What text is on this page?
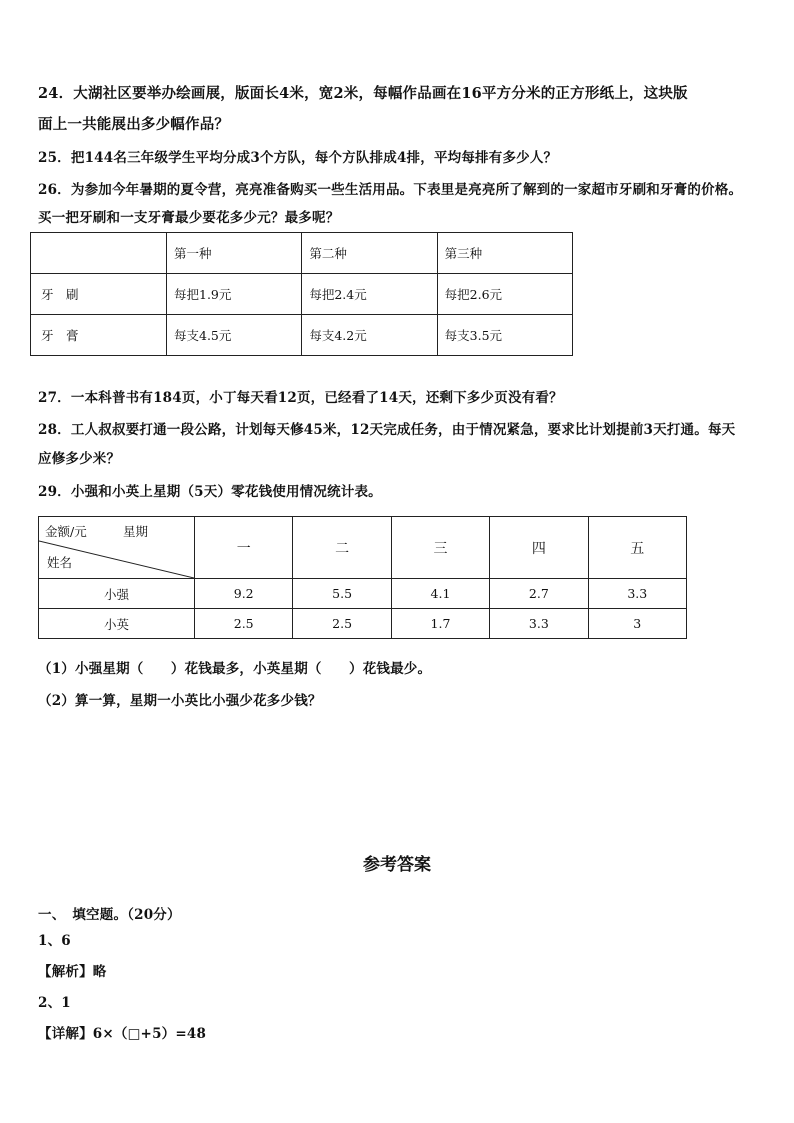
24．大湖社区要举办绘画展，版面长4米，宽2米，每幅作品画在16平方分米的正方形纸上，这块版
面上一共能展出多少幅作品？
25．把144名三年级学生平均分成3个方队，每个方队排成4排，平均每排有多少人？
26．为参加今年暑期的夏令营，亮亮准备购买一些生活用品。下表里是亮亮所了解到的一家超市牙刷和牙膏的价格。
买一把牙刷和一支牙膏最少要花多少元？最多呢？
	第一种	第二种	第三种
牙　刷	每把1.9元	每把2.4元	每把2.6元
牙　膏	每支4.5元	每支4.2元	每支3.5元
27．一本科普书有184页，小丁每天看12页，已经看了14天，还剩下多少页没有看？
28．工人叔叔要打通一段公路，计划每天修45米，12天完成任务，由于情况紧急，要求比计划提前3天打通。每天
应修多少米？
29．小强和小英上星期（5天）零花钱使用情况统计表。
金额/元 星期
姓名	一	二	三	四	五
小强	9.2	5.5	4.1	2.7	3.3
小英	2.5	2.5	1.7	3.3	3
（1）小强星期（　　）花钱最多，小英星期（　　）花钱最少。
（2）算一算，星期一小英比小强少花多少钱？
参考答案
一、　填空题。（20分）
1、6
【解析】略
2、1
【详解】6×（□+5）=48
